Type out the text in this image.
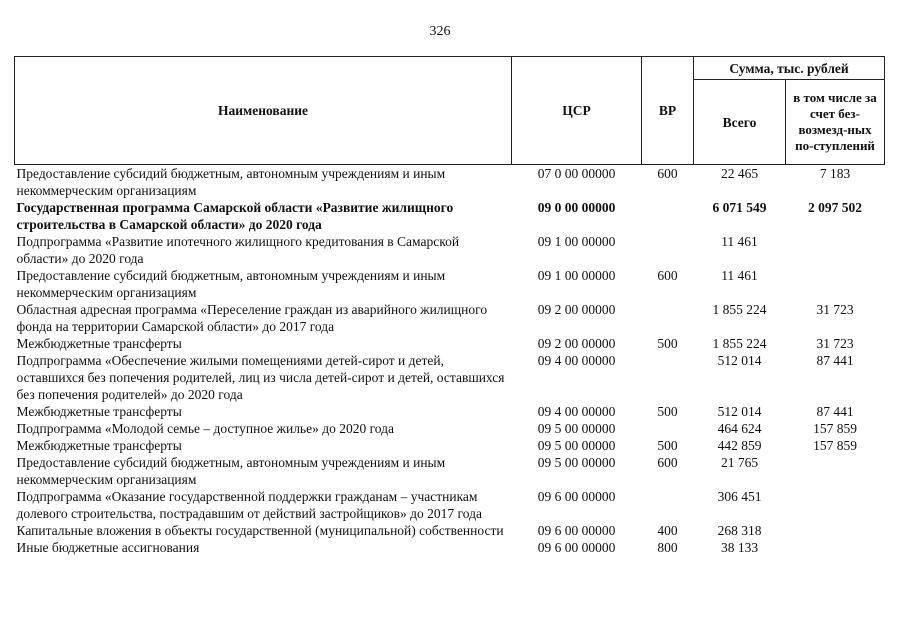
326
Наименование	ЦСР	ВР	Сумма, тыс. рублей	
			Всего	в том числе за счет без-возмезд-ных по-ступлений
Предоставление субсидий бюджетным, автономным учреждениям и иным некоммерческим организациям	07 0 00 00000	600	22 465	7 183
Государственная программа Самарской области «Развитие жилищного строительства в Самарской области» до 2020 года	09 0 00 00000		6 071 549	2 097 502
Подпрограмма «Развитие ипотечного жилищного кредитования в Самарской области» до 2020 года	09 1 00 00000		11 461	
Предоставление субсидий бюджетным, автономным учреждениям и иным некоммерческим организациям	09 1 00 00000	600	11 461	
Областная адресная программа «Переселение граждан из аварийного жилищного фонда на территории Самарской области» до 2017 года	09 2 00 00000		1 855 224	31 723
Межбюджетные трансферты	09 2 00 00000	500	1 855 224	31 723
Подпрограмма «Обеспечение жилыми помещениями детей-сирот и детей, оставшихся без попечения родителей, лиц из числа детей-сирот и детей, оставшихся без попечения родителей» до 2020 года	09 4 00 00000		512 014	87 441
Межбюджетные трансферты	09 4 00 00000	500	512 014	87 441
Подпрограмма «Молодой семье – доступное жилье» до 2020 года	09 5 00 00000		464 624	157 859
Межбюджетные трансферты	09 5 00 00000	500	442 859	157 859
Предоставление субсидий бюджетным, автономным учреждениям и иным некоммерческим организациям	09 5 00 00000	600	21 765	
Подпрограмма «Оказание государственной поддержки гражданам – участникам долевого строительства, пострадавшим от действий застройщиков» до 2017 года	09 6 00 00000		306 451	
Капитальные вложения в объекты государственной (муниципальной) собственности	09 6 00 00000	400	268 318	
Иные бюджетные ассигнования	09 6 00 00000	800	38 133	
